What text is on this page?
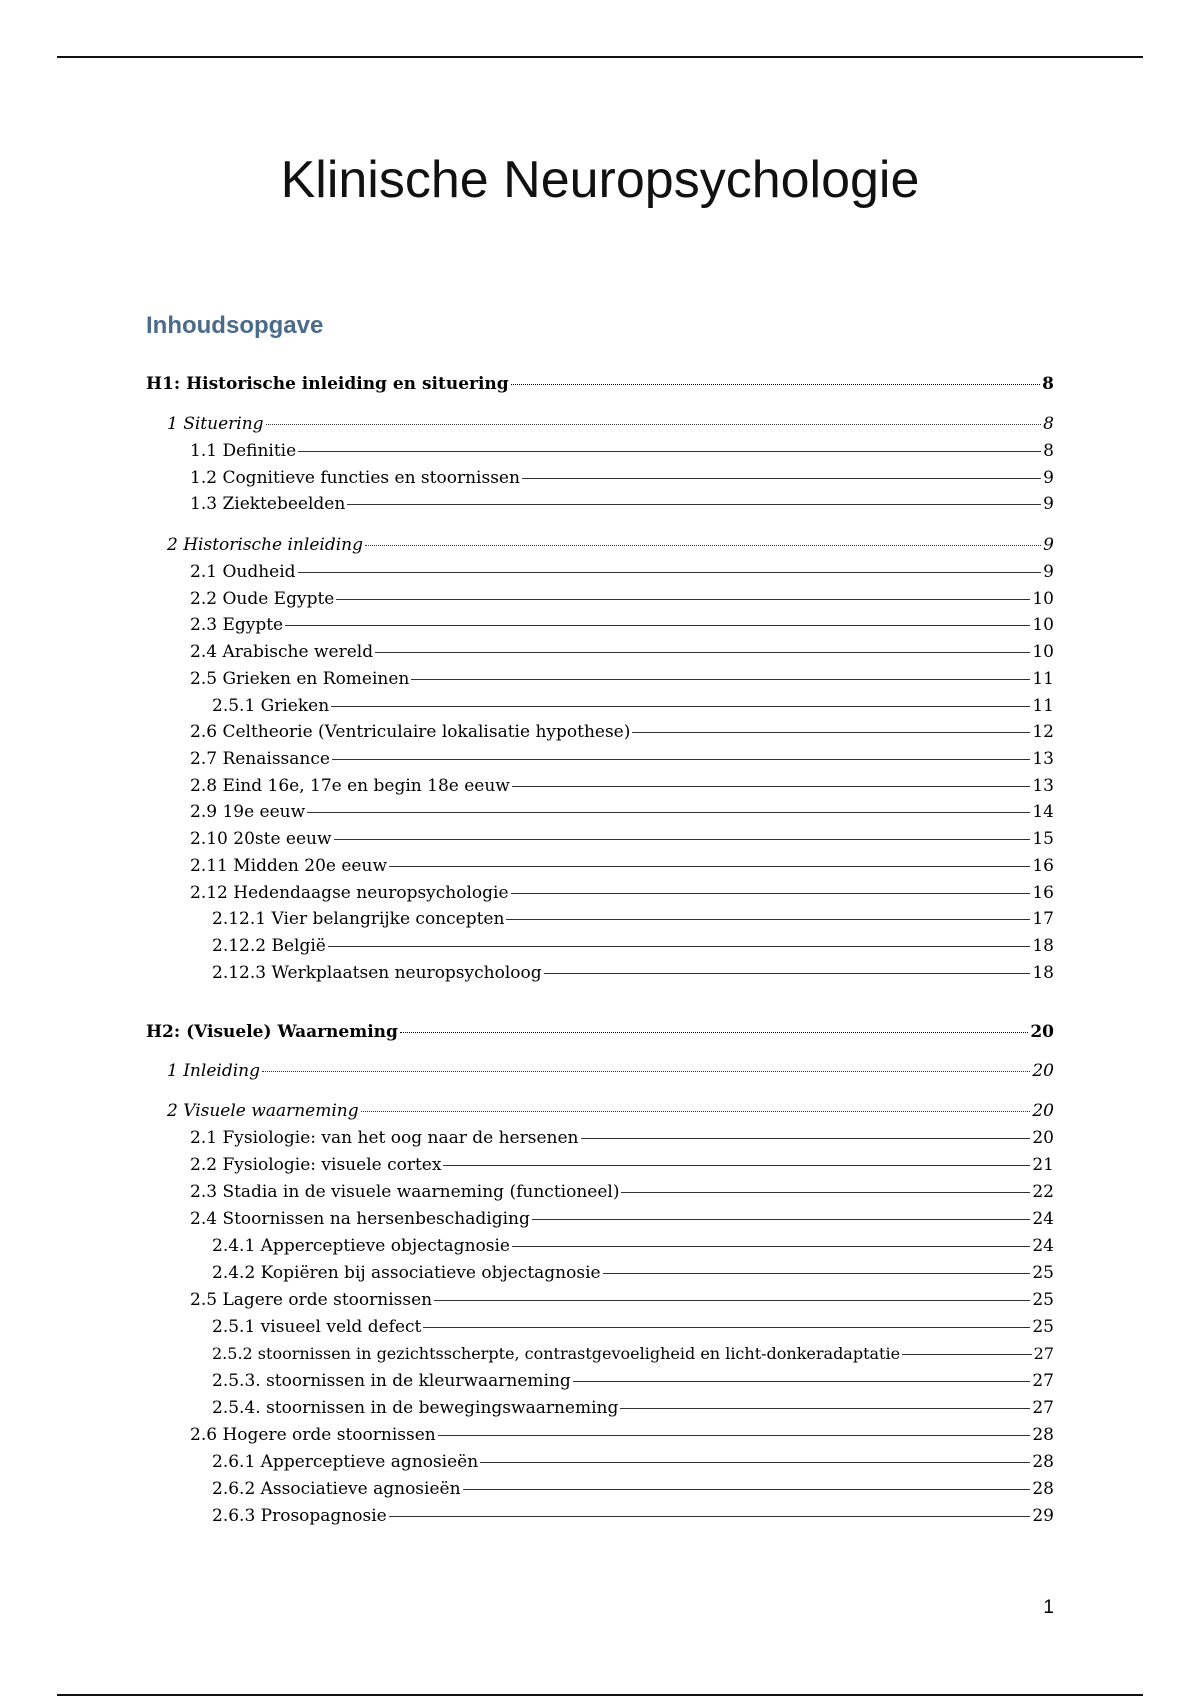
Klinische Neuropsychologie
Inhoudsopgave
H1: Historische inleiding en situering	8
1 Situering	8
1.1 Definitie	8
1.2 Cognitieve functies en stoornissen	9
1.3 Ziektebeelden	9
2 Historische inleiding	9
2.1 Oudheid	9
2.2 Oude Egypte	10
2.3 Egypte	10
2.4 Arabische wereld	10
2.5 Grieken en Romeinen	11
2.5.1 Grieken	11
2.6 Celtheorie (Ventriculaire lokalisatie hypothese)	12
2.7 Renaissance	13
2.8 Eind 16e, 17e en begin 18e eeuw	13
2.9 19e eeuw	14
2.10 20ste eeuw	15
2.11 Midden 20e eeuw	16
2.12 Hedendaagse neuropsychologie	16
2.12.1 Vier belangrijke concepten	17
2.12.2 België	18
2.12.3 Werkplaatsen neuropsycholoog	18
H2: (Visuele) Waarneming	20
1 Inleiding	20
2 Visuele waarneming	20
2.1 Fysiologie: van het oog naar de hersenen	20
2.2 Fysiologie: visuele cortex	21
2.3 Stadia in de visuele waarneming (functioneel)	22
2.4 Stoornissen na hersenbeschadiging	24
2.4.1 Apperceptieve objectagnosie	24
2.4.2 Kopiëren bij associatieve objectagnosie	25
2.5 Lagere orde stoornissen	25
2.5.1 visueel veld defect	25
2.5.2 stoornissen in gezichtsscherpte, contrastgevoeligheid en licht-donkeradaptatie	27
2.5.3. stoornissen in de kleurwaarneming	27
2.5.4. stoornissen in de bewegingswaarneming	27
2.6 Hogere orde stoornissen	28
2.6.1 Apperceptieve agnosieën	28
2.6.2 Associatieve agnosieën	28
2.6.3 Prosopagnosie	29
1
